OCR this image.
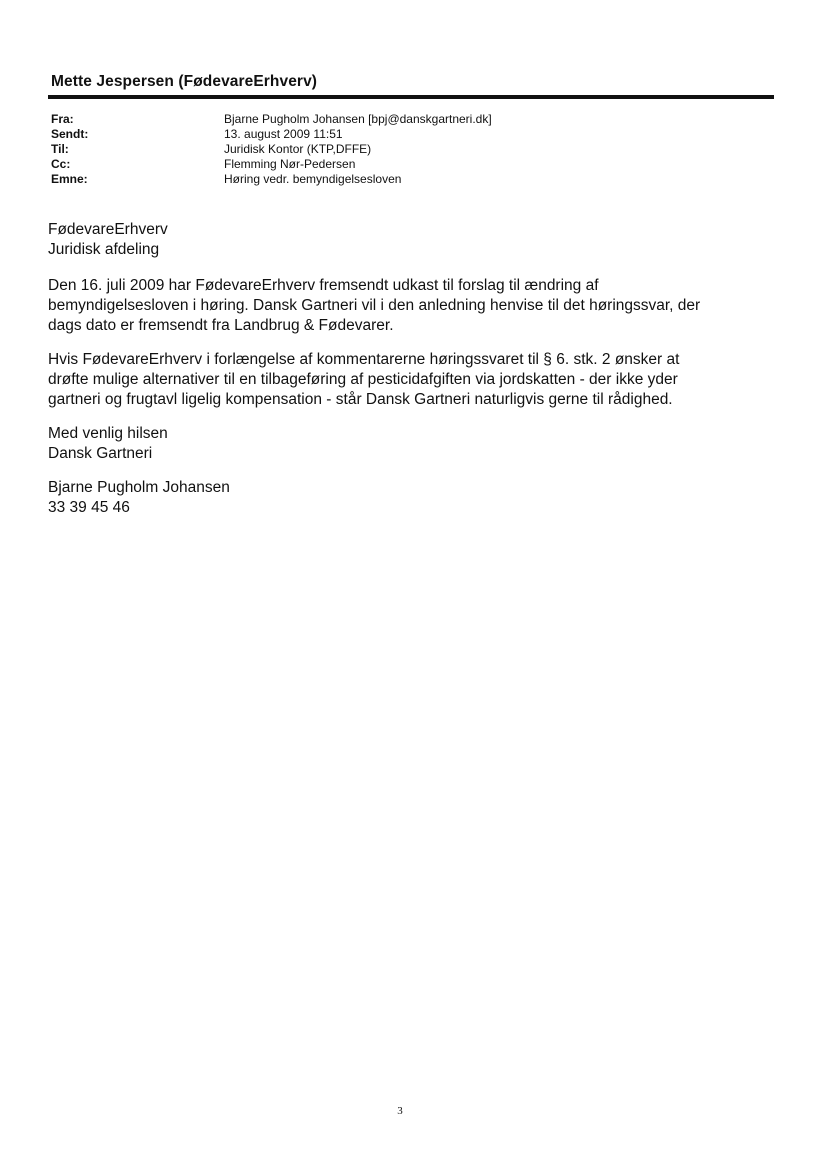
Mette Jespersen (FødevareErhverv)
Fra:	Bjarne Pugholm Johansen [bpj@danskgartneri.dk]
Sendt:	13. august 2009 11:51
Til:	Juridisk Kontor (KTP,DFFE)
Cc:	Flemming Nør-Pedersen
Emne:	Høring vedr. bemyndigelsesloven
FødevareErhverv
Juridisk afdeling
Den 16. juli 2009 har FødevareErhverv fremsendt udkast til forslag til ændring af
bemyndigelsesloven i høring. Dansk Gartneri vil i den anledning henvise til det høringssvar, der
dags dato er fremsendt fra Landbrug & Fødevarer.
Hvis FødevareErhverv i forlængelse af kommentarerne høringssvaret til § 6. stk. 2 ønsker at
drøfte mulige alternativer til en tilbageføring af pesticidafgiften via jordskatten - der ikke yder
gartneri og frugtavl ligelig kompensation - står Dansk Gartneri naturligvis gerne til rådighed.
Med venlig hilsen
Dansk Gartneri
Bjarne Pugholm Johansen
33 39 45 46
3
